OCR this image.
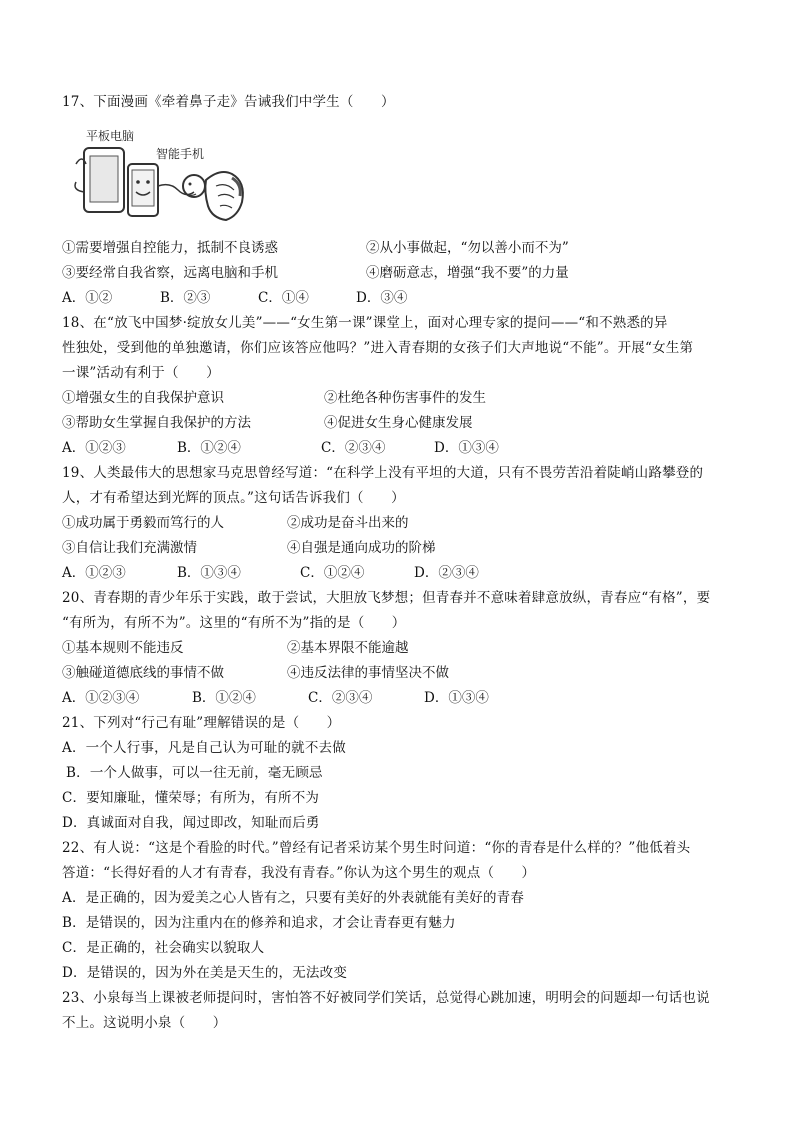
17、下面漫画《牵着鼻子走》告诫我们中学生（　　）
平板电脑
智能手机
①需要增强自控能力，抵制不良诱惑	②从小事做起，“勿以善小而不为”
③要经常自我省察，远离电脑和手机	④磨砺意志，增强“我不要”的力量
A．①②	B．②③	C．①④	D．③④
18、在“放飞中国梦·绽放女儿美”——“女生第一课”课堂上，面对心理专家的提问——“和不熟悉的异
性独处，受到他的单独邀请，你们应该答应他吗？”进入青春期的女孩子们大声地说“不能”。开展“女生第
一课”活动有利于（　　）
①增强女生的自我保护意识	②杜绝各种伤害事件的发生
③帮助女生掌握自我保护的方法	④促进女生身心健康发展
A．①②③	B．①②④	C．②③④	D．①③④
19、人类最伟大的思想家马克思曾经写道：“在科学上没有平坦的大道，只有不畏劳苦沿着陡峭山路攀登的
人，才有希望达到光辉的顶点。”这句话告诉我们（　　）
①成功属于勇毅而笃行的人	②成功是奋斗出来的
③自信让我们充满激情	④自强是通向成功的阶梯
A．①②③	B．①③④	C．①②④	D．②③④
20、青春期的青少年乐于实践，敢于尝试，大胆放飞梦想；但青春并不意味着肆意放纵，青春应“有格”，要
“有所为，有所不为”。这里的“有所不为”指的是（　　）
①基本规则不能违反	②基本界限不能逾越
③触碰道德底线的事情不做	④违反法律的事情坚决不做
A．①②③④	B．①②④	C．②③④	D．①③④
21、下列对“行己有耻”理解错误的是（　　）
A．一个人行事，凡是自己认为可耻的就不去做
B．一个人做事，可以一往无前，毫无顾忌
C．要知廉耻，懂荣辱；有所为，有所不为
D．真诚面对自我，闻过即改，知耻而后勇
22、有人说：“这是个看脸的时代。”曾经有记者采访某个男生时问道：“你的青春是什么样的？”他低着头
答道：“长得好看的人才有青春，我没有青春。”你认为这个男生的观点（　　）
A．是正确的，因为爱美之心人皆有之，只要有美好的外表就能有美好的青春
B．是错误的，因为注重内在的修养和追求，才会让青春更有魅力
C．是正确的，社会确实以貌取人
D．是错误的，因为外在美是天生的，无法改变
23、小泉每当上课被老师提问时，害怕答不好被同学们笑话，总觉得心跳加速，明明会的问题却一句话也说
不上。这说明小泉（　　）
